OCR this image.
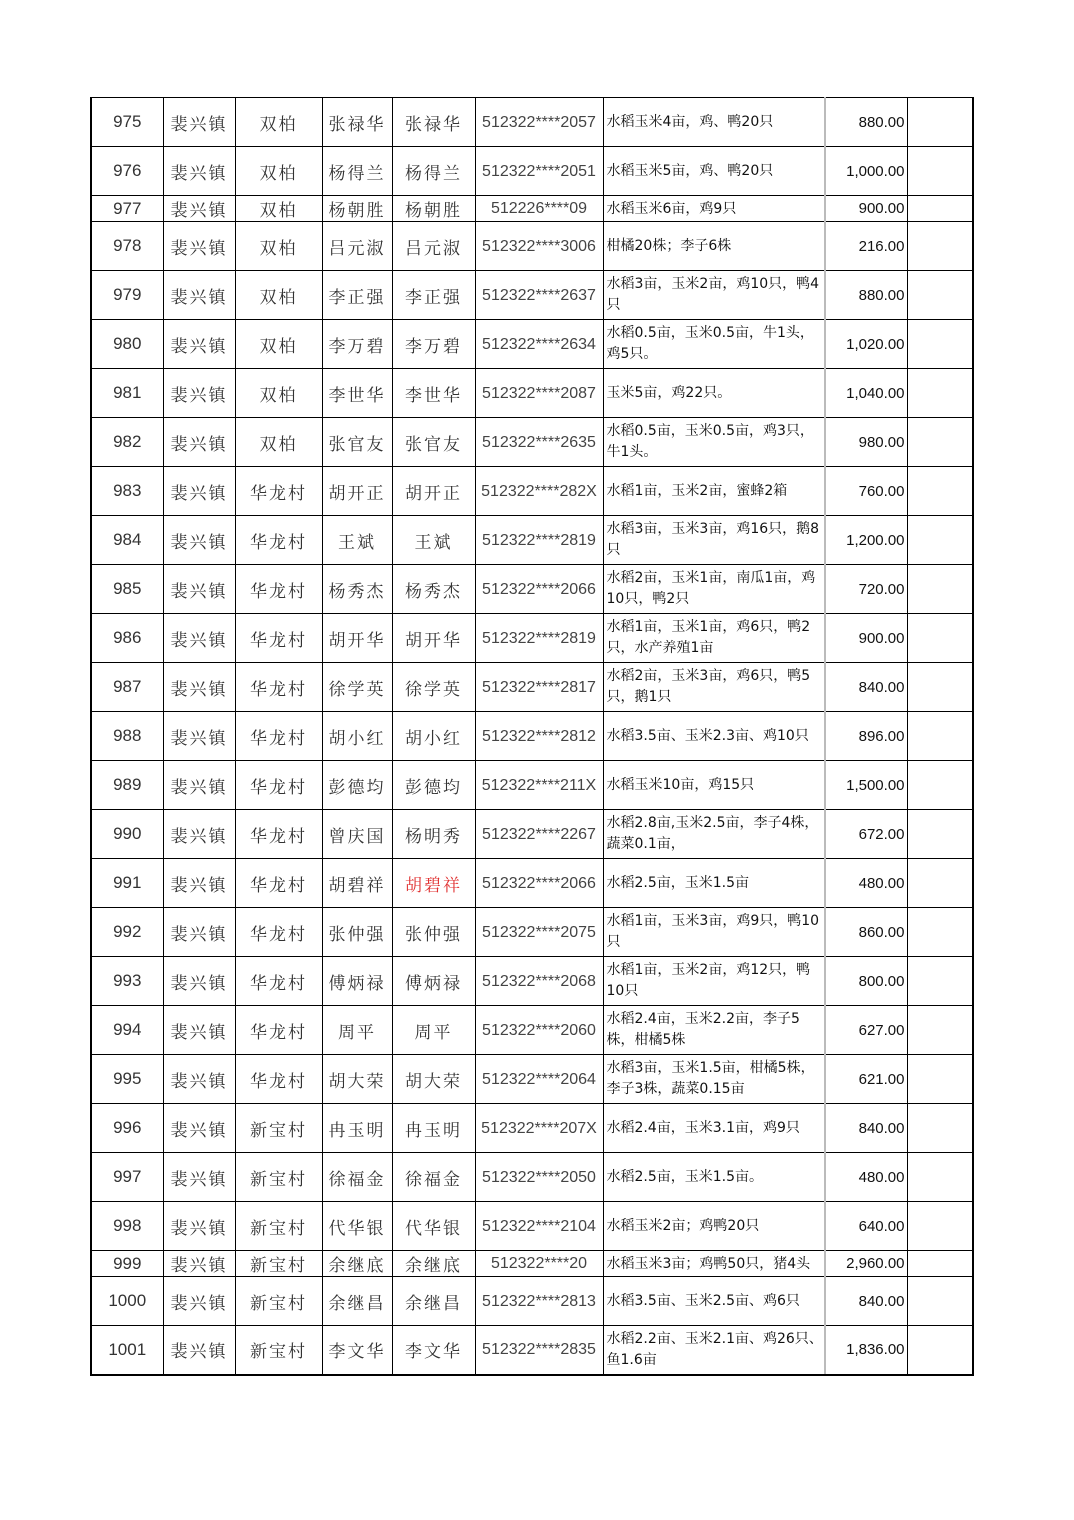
975	裴兴镇	双柏	张禄华	张禄华	512322****2057	水稻玉米4亩，鸡、鸭20只	880.00	
976	裴兴镇	双柏	杨得兰	杨得兰	512322****2051	水稻玉米5亩，鸡、鸭20只	1,000.00	
977	裴兴镇	双柏	杨朝胜	杨朝胜	512226****09	水稻玉米6亩，鸡9只	900.00	
978	裴兴镇	双柏	吕元淑	吕元淑	512322****3006	柑橘20株；李子6株	216.00	
979	裴兴镇	双柏	李正强	李正强	512322****2637	水稻3亩，玉米2亩，鸡10只，鸭4只	880.00	
980	裴兴镇	双柏	李万碧	李万碧	512322****2634	水稻0.5亩，玉米0.5亩，牛1头，鸡5只。	1,020.00	
981	裴兴镇	双柏	李世华	李世华	512322****2087	玉米5亩，鸡22只。	1,040.00	
982	裴兴镇	双柏	张官友	张官友	512322****2635	水稻0.5亩，玉米0.5亩，鸡3只，牛1头。	980.00	
983	裴兴镇	华龙村	胡开正	胡开正	512322****282X	水稻1亩，玉米2亩，蜜蜂2箱	760.00	
984	裴兴镇	华龙村	王斌	王斌	512322****2819	水稻3亩，玉米3亩，鸡16只，鹅8只	1,200.00	
985	裴兴镇	华龙村	杨秀杰	杨秀杰	512322****2066	水稻2亩，玉米1亩，南瓜1亩，鸡10只，鸭2只	720.00	
986	裴兴镇	华龙村	胡开华	胡开华	512322****2819	水稻1亩，玉米1亩，鸡6只，鸭2只，水产养殖1亩	900.00	
987	裴兴镇	华龙村	徐学英	徐学英	512322****2817	水稻2亩，玉米3亩，鸡6只，鸭5只，鹅1只	840.00	
988	裴兴镇	华龙村	胡小红	胡小红	512322****2812	水稻3.5亩、玉米2.3亩、鸡10只	896.00	
989	裴兴镇	华龙村	彭德均	彭德均	512322****211X	水稻玉米10亩，鸡15只	1,500.00	
990	裴兴镇	华龙村	曾庆国	杨明秀	512322****2267	水稻2.8亩,玉米2.5亩，李子4株，蔬菜0.1亩，	672.00	
991	裴兴镇	华龙村	胡碧祥	胡碧祥	512322****2066	水稻2.5亩，玉米1.5亩	480.00	
992	裴兴镇	华龙村	张仲强	张仲强	512322****2075	水稻1亩，玉米3亩，鸡9只，鸭10只	860.00	
993	裴兴镇	华龙村	傅炳禄	傅炳禄	512322****2068	水稻1亩，玉米2亩，鸡12只，鸭10只	800.00	
994	裴兴镇	华龙村	周平	周平	512322****2060	水稻2.4亩，玉米2.2亩，李子5株，柑橘5株	627.00	
995	裴兴镇	华龙村	胡大荣	胡大荣	512322****2064	水稻3亩，玉米1.5亩，柑橘5株，李子3株，蔬菜0.15亩	621.00	
996	裴兴镇	新宝村	冉玉明	冉玉明	512322****207X	水稻2.4亩，玉米3.1亩，鸡9只	840.00	
997	裴兴镇	新宝村	徐福金	徐福金	512322****2050	水稻2.5亩，玉米1.5亩。	480.00	
998	裴兴镇	新宝村	代华银	代华银	512322****2104	水稻玉米2亩；鸡鸭20只	640.00	
999	裴兴镇	新宝村	余继底	余继底	512322****20	水稻玉米3亩；鸡鸭50只，猪4头	2,960.00	
1000	裴兴镇	新宝村	余继昌	余继昌	512322****2813	水稻3.5亩、玉米2.5亩、鸡6只	840.00	
1001	裴兴镇	新宝村	李文华	李文华	512322****2835	水稻2.2亩、玉米2.1亩、鸡26只、鱼1.6亩	1,836.00	
